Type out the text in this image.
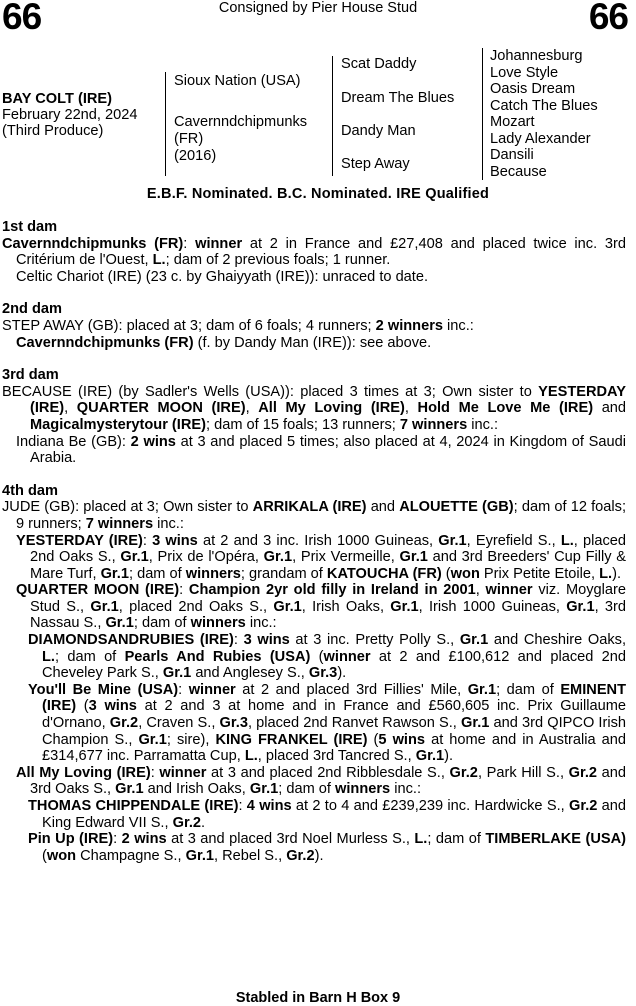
66	Consigned by Pier House Stud	66
BAY COLT (IRE)
February 22nd, 2024
(Third Produce)
Sioux Nation (USA)
Cavernndchipmunks
(FR)
(2016)
Scat Daddy
Dream The Blues
Dandy Man
Step Away
Johannesburg
Love Style
Oasis Dream
Catch The Blues
Mozart
Lady Alexander
Dansili
Because
E.B.F. Nominated. B.C. Nominated. IRE Qualified
1st dam
Cavernndchipmunks (FR): winner at 2 in France and £27,408 and placed twice inc. 3rd Critérium de l'Ouest, L.; dam of 2 previous foals; 1 runner.
Celtic Chariot (IRE) (23 c. by Ghaiyyath (IRE)): unraced to date.
2nd dam
STEP AWAY (GB): placed at 3; dam of 6 foals; 4 runners; 2 winners inc.:
Cavernndchipmunks (FR) (f. by Dandy Man (IRE)): see above.
3rd dam
BECAUSE (IRE) (by Sadler's Wells (USA)): placed 3 times at 3; Own sister to YESTERDAY (IRE), QUARTER MOON (IRE), All My Loving (IRE), Hold Me Love Me (IRE) and Magicalmysterytour (IRE); dam of 15 foals; 13 runners; 7 winners inc.:
Indiana Be (GB): 2 wins at 3 and placed 5 times; also placed at 4, 2024 in Kingdom of Saudi Arabia.
4th dam
JUDE (GB): placed at 3; Own sister to ARRIKALA (IRE) and ALOUETTE (GB); dam of 12 foals; 9 runners; 7 winners inc.:
YESTERDAY (IRE): 3 wins at 2 and 3 inc. Irish 1000 Guineas, Gr.1, Eyrefield S., L., placed 2nd Oaks S., Gr.1, Prix de l'Opéra, Gr.1, Prix Vermeille, Gr.1 and 3rd Breeders' Cup Filly & Mare Turf, Gr.1; dam of winners; grandam of KATOUCHA (FR) (won Prix Petite Etoile, L.).
QUARTER MOON (IRE): Champion 2yr old filly in Ireland in 2001, winner viz. Moyglare Stud S., Gr.1, placed 2nd Oaks S., Gr.1, Irish Oaks, Gr.1, Irish 1000 Guineas, Gr.1, 3rd Nassau S., Gr.1; dam of winners inc.:
DIAMONDSANDRUBIES (IRE): 3 wins at 3 inc. Pretty Polly S., Gr.1 and Cheshire Oaks, L.; dam of Pearls And Rubies (USA) (winner at 2 and £100,612 and placed 2nd Cheveley Park S., Gr.1 and Anglesey S., Gr.3).
You'll Be Mine (USA): winner at 2 and placed 3rd Fillies' Mile, Gr.1; dam of EMINENT (IRE) (3 wins at 2 and 3 at home and in France and £560,605 inc. Prix Guillaume d'Ornano, Gr.2, Craven S., Gr.3, placed 2nd Ranvet Rawson S., Gr.1 and 3rd QIPCO Irish Champion S., Gr.1; sire), KING FRANKEL (IRE) (5 wins at home and in Australia and £314,677 inc. Parramatta Cup, L., placed 3rd Tancred S., Gr.1).
All My Loving (IRE): winner at 3 and placed 2nd Ribblesdale S., Gr.2, Park Hill S., Gr.2 and 3rd Oaks S., Gr.1 and Irish Oaks, Gr.1; dam of winners inc.:
THOMAS CHIPPENDALE (IRE): 4 wins at 2 to 4 and £239,239 inc. Hardwicke S., Gr.2 and King Edward VII S., Gr.2.
Pin Up (IRE): 2 wins at 3 and placed 3rd Noel Murless S., L.; dam of TIMBERLAKE (USA) (won Champagne S., Gr.1, Rebel S., Gr.2).
Stabled in Barn H Box 9
